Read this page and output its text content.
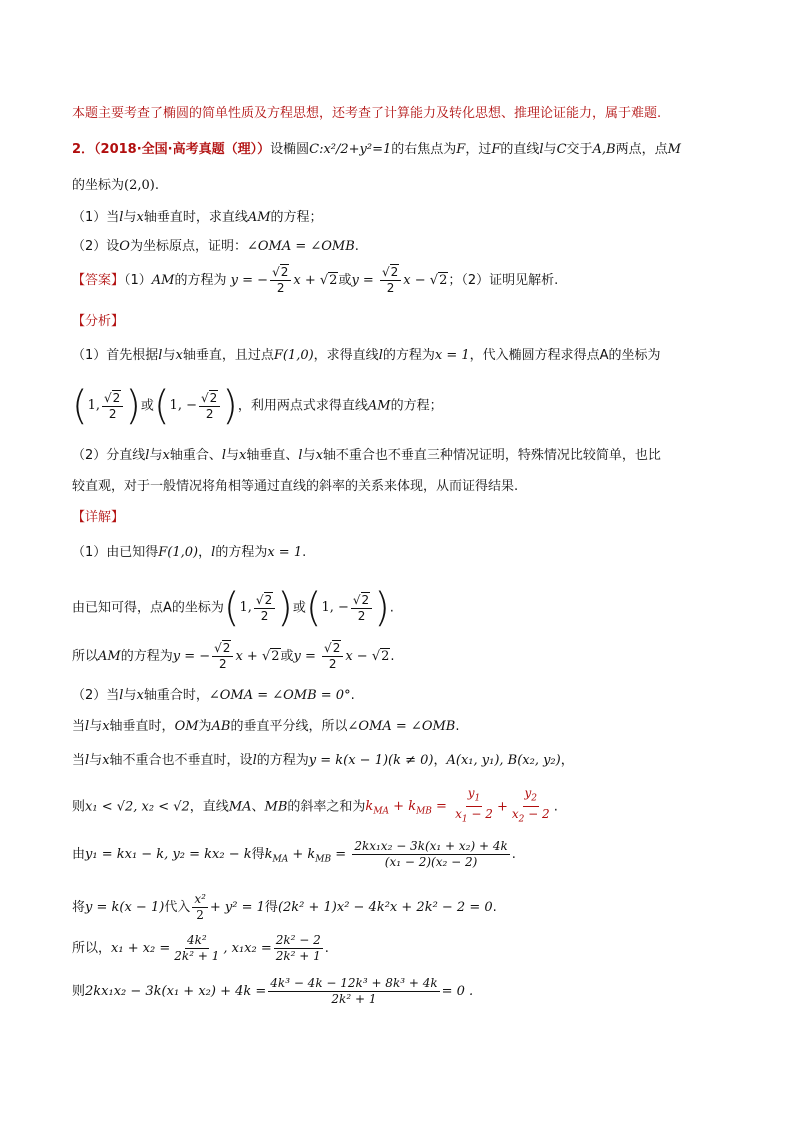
本题主要考查了椭圆的简单性质及方程思想，还考查了计算能力及转化思想、推理论证能力，属于难题.
2．（2018·全国·高考真题（理））设椭圆C:x²/2+y²=1的右焦点为F，过F的直线l与C交于A,B两点，点M
的坐标为(2,0).
（1）当l与x轴垂直时，求直线AM的方程；
（2）设O为坐标原点，证明：∠OMA = ∠OMB.
【答案】（1）AM的方程为 y = − $\frac{√2}{2}$ x + √2或$y = \frac{√2}{2}$ x − √2；（2）证明见解析.
【分析】
（1）首先根据l与x轴垂直，且过点F(1,0)，求得直线l的方程为x = 1，代入椭圆方程求得点A的坐标为
( 1, $\frac{√2}{2}$ ) 或 ( 1, − $\frac{√2}{2}$ ) ，利用两点式求得直线AM的方程；
（2）分直线l与x轴重合、l与x轴垂直、l与x轴不重合也不垂直三种情况证明，特殊情况比较简单，也比
较直观，对于一般情况将角相等通过直线的斜率的关系来体现，从而证得结果.
【详解】
（1）由已知得F(1,0)，l的方程为x = 1.
由已知可得，点A的坐标为 ( 1, $\frac{√2}{2}$ ) 或 ( 1, − $\frac{√2}{2}$ ) .
所以AM的方程为y = − $\frac{√2}{2}$ x + √2或$y = \frac{√2}{2}$ x − √2.
（2）当l与x轴重合时，∠OMA = ∠OMB = 0°.
当l与x轴垂直时，OM为AB的垂直平分线，所以∠OMA = ∠OMB.
当l与x轴不重合也不垂直时，设l的方程为y = k(x − 1)(k ≠ 0)，A(x₁, y₁), B(x₂, y₂)，
则x₁ < √2, x₂ < √2，直线MA、MB的斜率之和为$k_{MA} + k_{MB} = \frac{y_1}{x_1 - 2} + \frac{y_2}{x_2 - 2}$ .
由y₁ = kx₁ − k, y₂ = kx₂ − k得$k_{MA} + k_{MB} = \frac{\text{2kx₁x₂ − 3k(x₁ + x₂) + 4k}}{\text{(x₁ − 2)(x₂ − 2)}}$ .
将y = k(x − 1)代入 $\frac{\text{x²}}{2} + y^2 = 1$得(2k² + 1)x² − 4k²x + 2k² − 2 = 0.
所以，$x_1 + x_2 = \frac{\text{4k²}}{\text{2k² + 1}}$ , $x_1x_2 = \frac{\text{2k² − 2}}{\text{2k² + 1}}$ .
则$2kx_1x_2 - 3k(x_1 + x_2) + 4k = \frac{\text{4k³ − 4k − 12k³ + 8k³ + 4k}}{\text{2k² + 1}} = 0$ .
